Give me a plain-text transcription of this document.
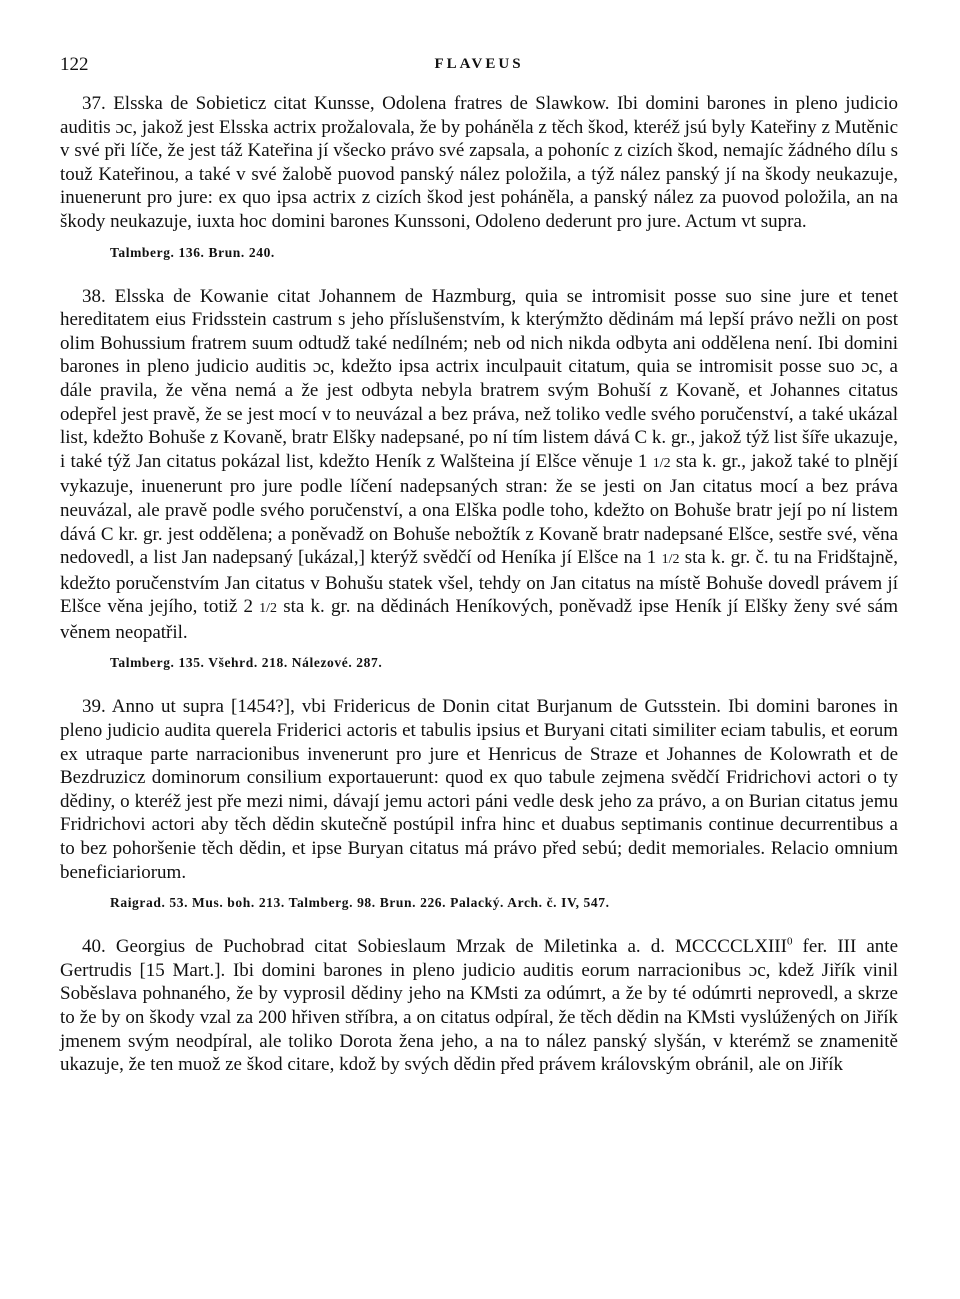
122	FLAVEUS

37. Elsska de Sobieticz citat Kunsse, Odolena fratres de Slawkow. Ibi domini barones in pleno judicio auditis ɔc, jakož jest Elsska actrix prožalovala, že by poháněla z těch škod, kteréž jsú byly Kateřiny z Mutěnic v své při líče, že jest táž Kateřina jí všecko právo své zapsala, a pohoníc z cizích škod, nemajíc žádného dílu s touž Kateřinou, a také v své žalobě puovod panský nález položila, a týž nález panský jí na škody neukazuje, inuenerunt pro jure: ex quo ipsa actrix z cizích škod jest poháněla, a panský nález za puovod položila, an na škody neukazuje, iuxta hoc domini barones Kunssoni, Odoleno dederunt pro jure. Actum vt supra.

Talmberg. 136. Brun. 240.

38. Elsska de Kowanie citat Johannem de Hazmburg, quia se intromisit posse suo sine jure et tenet hereditatem eius Fridsstein castrum s jeho příslušenstvím, k kterýmžto dědinám má lepší právo nežli on post olim Bohussium fratrem suum odtudž také nedílném; neb od nich nikda odbyta ani oddělena není. Ibi domini barones in pleno judicio auditis ɔc, kdežto ipsa actrix inculpauit citatum, quia se intromisit posse suo ɔc, a dále pravila, že věna nemá a že jest odbyta nebyla bratrem svým Bohuší z Kovaně, et Johannes citatus odepřel jest pravě, že se jest mocí v to neuvázal a bez práva, než toliko vedle svého poručenství, a také ukázal list, kdežto Bohuše z Kovaně, bratr Elšky nadepsané, po ní tím listem dává C k. gr., jakož týž list šíře ukazuje, i také týž Jan citatus pokázal list, kdežto Heník z Walšteina jí Elšce věnuje 1 1/2 sta k. gr., jakož také to plnějí vykazuje, inuenerunt pro jure podle líčení nadepsaných stran: že se jesti on Jan citatus mocí a bez práva neuvázal, ale pravě podle svého poručenství, a ona Elška podle toho, kdežto on Bohuše bratr její po ní listem dává C kr. gr. jest oddělena; a poněvadž on Bohuše nebožtík z Kovaně bratr nadepsané Elšce, sestře své, věna nedovedl, a list Jan nadepsaný [ukázal,] kterýž svědčí od Heníka jí Elšce na 1 1/2 sta k. gr. č. tu na Fridštajně, kdežto poručenstvím Jan citatus v Bohušu statek všel, tehdy on Jan citatus na místě Bohuše dovedl právem jí Elšce věna jejího, totiž 2 1/2 sta k. gr. na dědinách Heníkových, poněvadž ipse Heník jí Elšky ženy své sám věnem neopatřil.

Talmberg. 135. Všehrd. 218. Nálezové. 287.

39. Anno ut supra [1454?], vbi Fridericus de Donin citat Burjanum de Gutsstein. Ibi domini barones in pleno judicio audita querela Friderici actoris et tabulis ipsius et Buryani citati similiter eciam tabulis, et eorum ex utraque parte narracionibus invenerunt pro jure et Henricus de Straze et Johannes de Kolowrath et de Bezdruzicz dominorum consilium exportauerunt: quod ex quo tabule zejmena svědčí Fridrichovi actori o ty dědiny, o kteréž jest pře mezi nimi, dávají jemu actori páni vedle desk jeho za právo, a on Burian citatus jemu Fridrichovi actori aby těch dědin skutečně postúpil infra hinc et duabus septimanis continue decurrentibus a to bez pohoršenie těch dědin, et ipse Buryan citatus má právo před sebú; dedit memoriales. Relacio omnium beneficiariorum.

Raigrad. 53. Mus. boh. 213. Talmberg. 98. Brun. 226. Palacký. Arch. č. IV, 547.

40. Georgius de Puchobrad citat Sobieslaum Mrzak de Miletinka a. d. MCCCCLXIII$^0$ fer. III ante Gertrudis [15 Mart.]. Ibi domini barones in pleno judicio auditis eorum narracionibus ɔc, kdež Jiřík vinil Soběslava pohnaného, že by vyprosil dědiny jeho na KMsti za odúmrt, a že by té odúmrti neprovedl, a skrze to že by on škody vzal za 200 hřiven stříbra, a on citatus odpíral, že těch dědin na KMsti vyslúžených on Jiřík jmenem svým neodpíral, ale toliko Dorota žena jeho, a na to nález panský slyšán, v kterémž se znamenitě ukazuje, že ten muož ze škod citare, kdož by svých dědin před právem královským obránil, ale on Jiřík
